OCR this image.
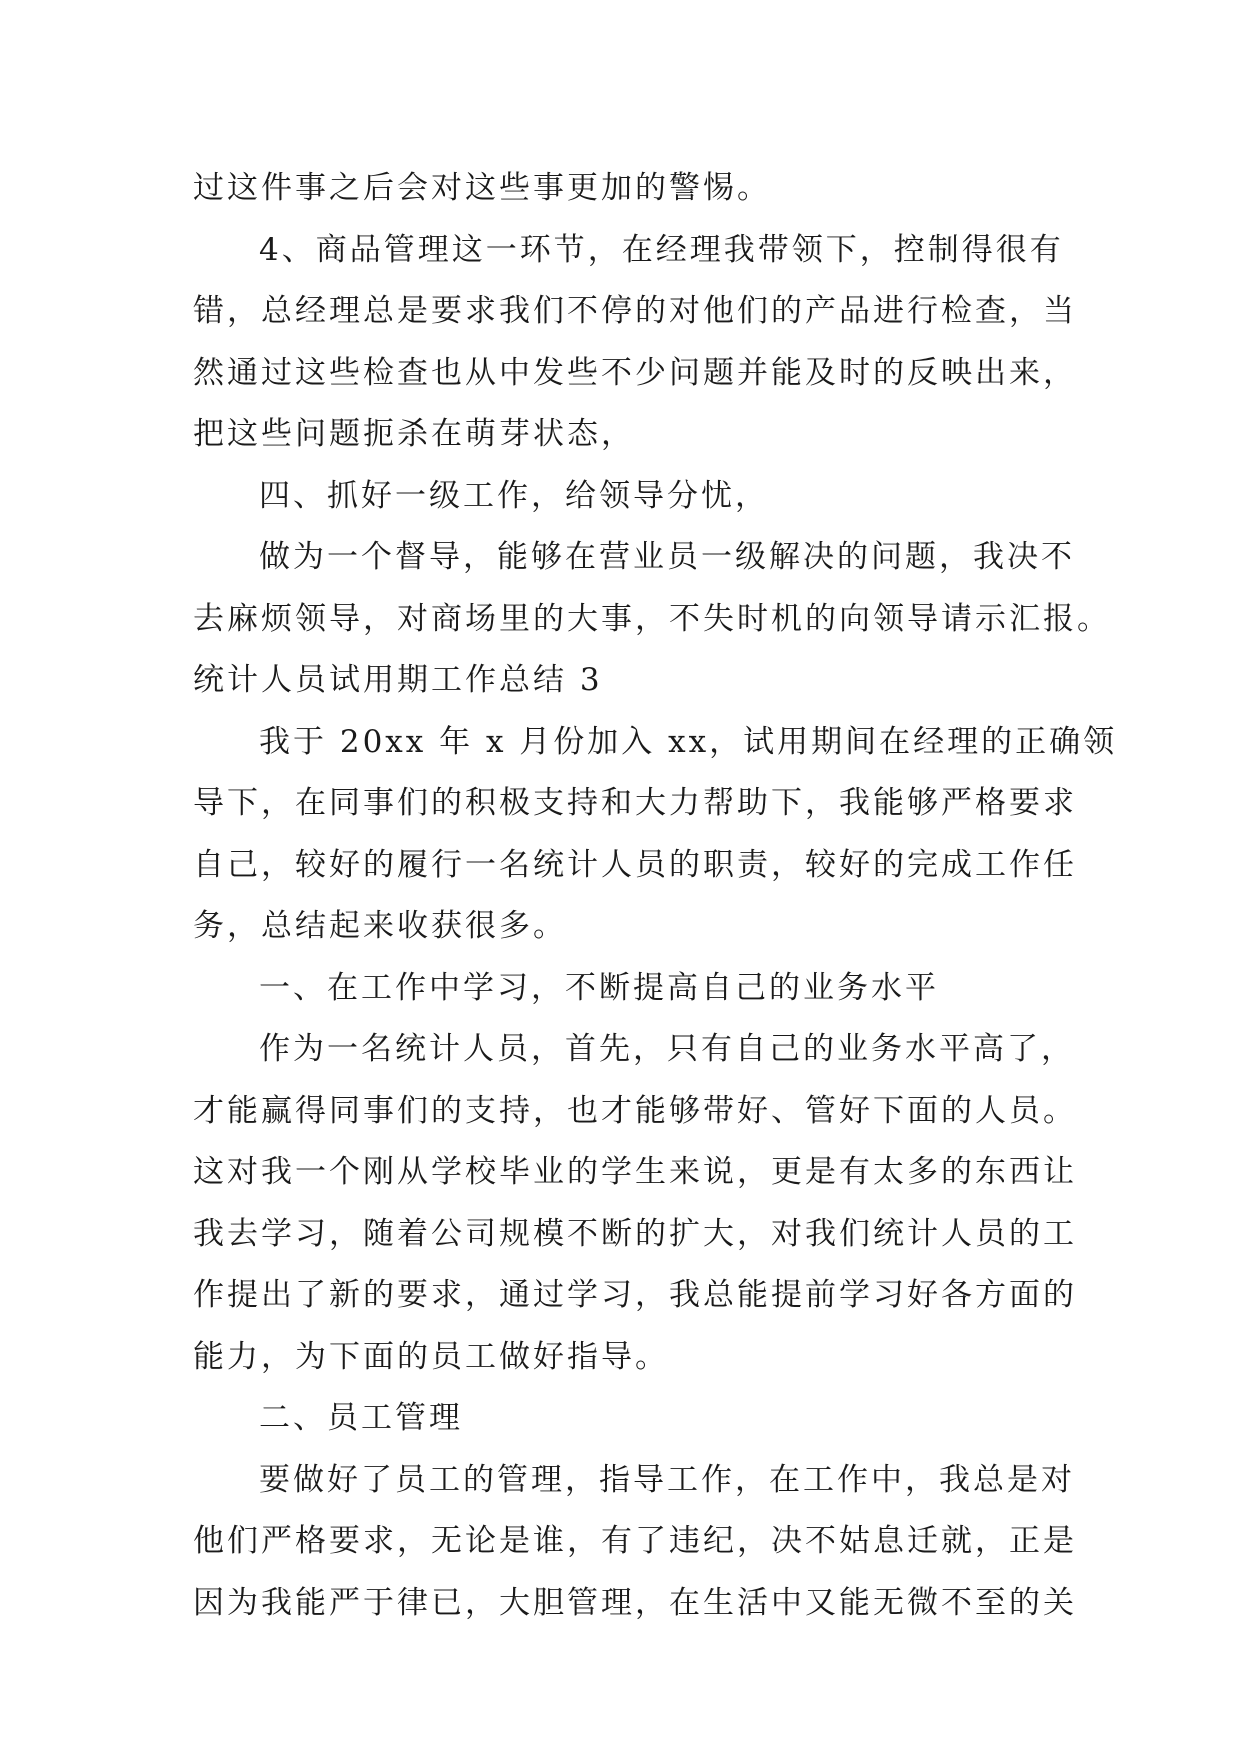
过这件事之后会对这些事更加的警惕。
4、商品管理这一环节，在经理我带领下，控制得很有
错，总经理总是要求我们不停的对他们的产品进行检查，当
然通过这些检查也从中发些不少问题并能及时的反映出来，
把这些问题扼杀在萌芽状态，
四、抓好一级工作，给领导分忧，
做为一个督导，能够在营业员一级解决的问题，我决不
去麻烦领导，对商场里的大事，不失时机的向领导请示汇报。
统计人员试用期工作总结 3
我于 20xx 年 x 月份加入 xx，试用期间在经理的正确领
导下，在同事们的积极支持和大力帮助下，我能够严格要求
自己，较好的履行一名统计人员的职责，较好的完成工作任
务，总结起来收获很多。
一、在工作中学习，不断提高自己的业务水平
作为一名统计人员，首先，只有自己的业务水平高了，
才能赢得同事们的支持，也才能够带好、管好下面的人员。
这对我一个刚从学校毕业的学生来说，更是有太多的东西让
我去学习，随着公司规模不断的扩大，对我们统计人员的工
作提出了新的要求，通过学习，我总能提前学习好各方面的
能力，为下面的员工做好指导。
二、员工管理
要做好了员工的管理，指导工作，在工作中，我总是对
他们严格要求，无论是谁，有了违纪，决不姑息迁就，正是
因为我能严于律已，大胆管理，在生活中又能无微不至的关
